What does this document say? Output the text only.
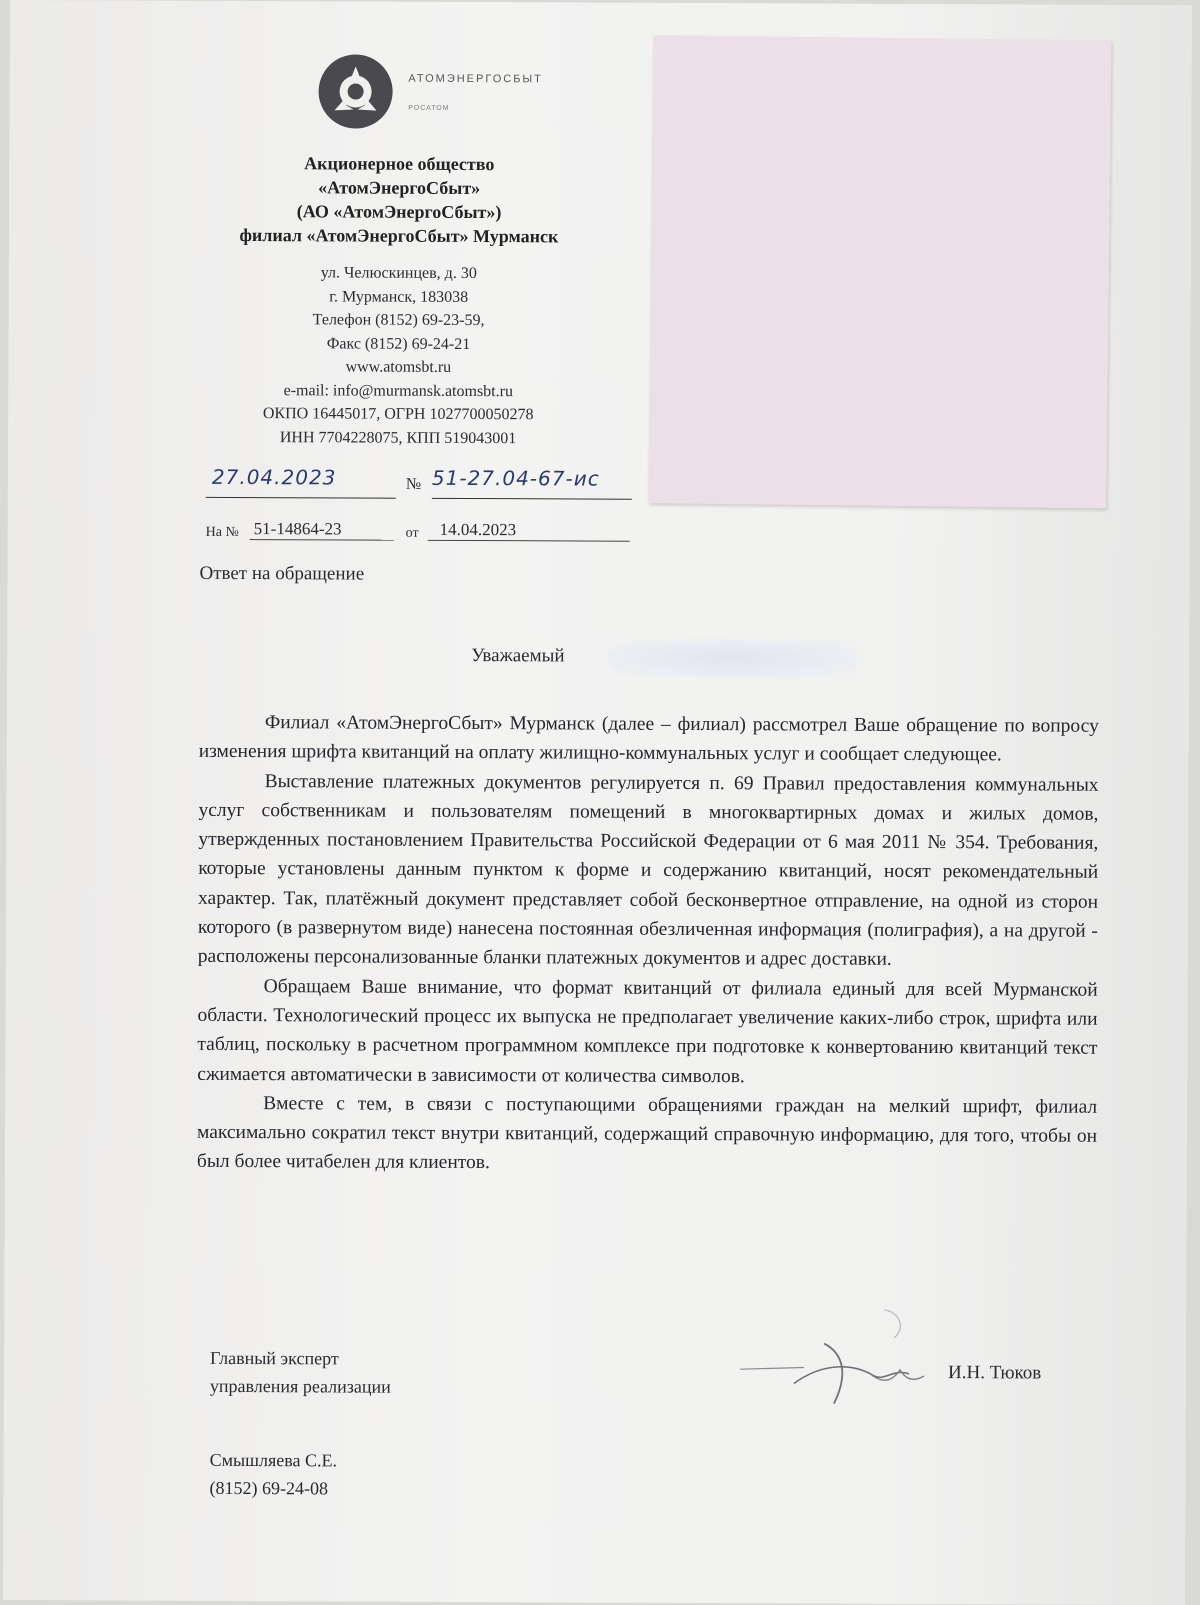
АТОМЭНЕРГОСБЫТ
РОСАТОМ
Акционерное общество
«АтомЭнергоСбыт»
(АО «АтомЭнергоСбыт»)
филиал «АтомЭнергоСбыт» Мурманск
ул. Челюскинцев, д. 30
г. Мурманск, 183038
Телефон (8152) 69-23-59,
Факс (8152) 69-24-21
www.atomsbt.ru
e-mail: info@murmansk.atomsbt.ru
ОКПО 16445017, ОГРН 1027700050278
ИНН 7704228075, КПП 519043001
27.04.2023	№ 51-27.04-67-ис
На № 51-14864-23	от	14.04.2023
Ответ на обращение
Уважаемый

Филиал «АтомЭнергоСбыт» Мурманск (далее – филиал) рассмотрел Ваше обращение по вопросу изменения шрифта квитанций на оплату жилищно-коммунальных услуг и сообщает следующее.

Выставление платежных документов регулируется п. 69 Правил предоставления коммунальных услуг собственникам и пользователям помещений в многоквартирных домах и жилых домов, утвержденных постановлением Правительства Российской Федерации от 6 мая 2011 № 354. Требования, которые установлены данным пунктом к форме и содержанию квитанций, носят рекомендательный характер. Так, платёжный документ представляет собой бесконвертное отправление, на одной из сторон которого (в развернутом виде) нанесена постоянная обезличенная информация (полиграфия), а на другой - расположены персонализованные бланки платежных документов и адрес доставки.

Обращаем Ваше внимание, что формат квитанций от филиала единый для всей Мурманской области. Технологический процесс их выпуска не предполагает увеличение каких-либо строк, шрифта или таблиц, поскольку в расчетном программном комплексе при подготовке к конвертованию квитанций текст сжимается автоматически в зависимости от количества символов.

Вместе с тем, в связи с поступающими обращениями граждан на мелкий шрифт, филиал максимально сократил текст внутри квитанций, содержащий справочную информацию, для того, чтобы он был более читабелен для клиентов.

Главный эксперт
управления реализации
И.Н. Тюков
Смышляева С.Е.
(8152) 69-24-08
